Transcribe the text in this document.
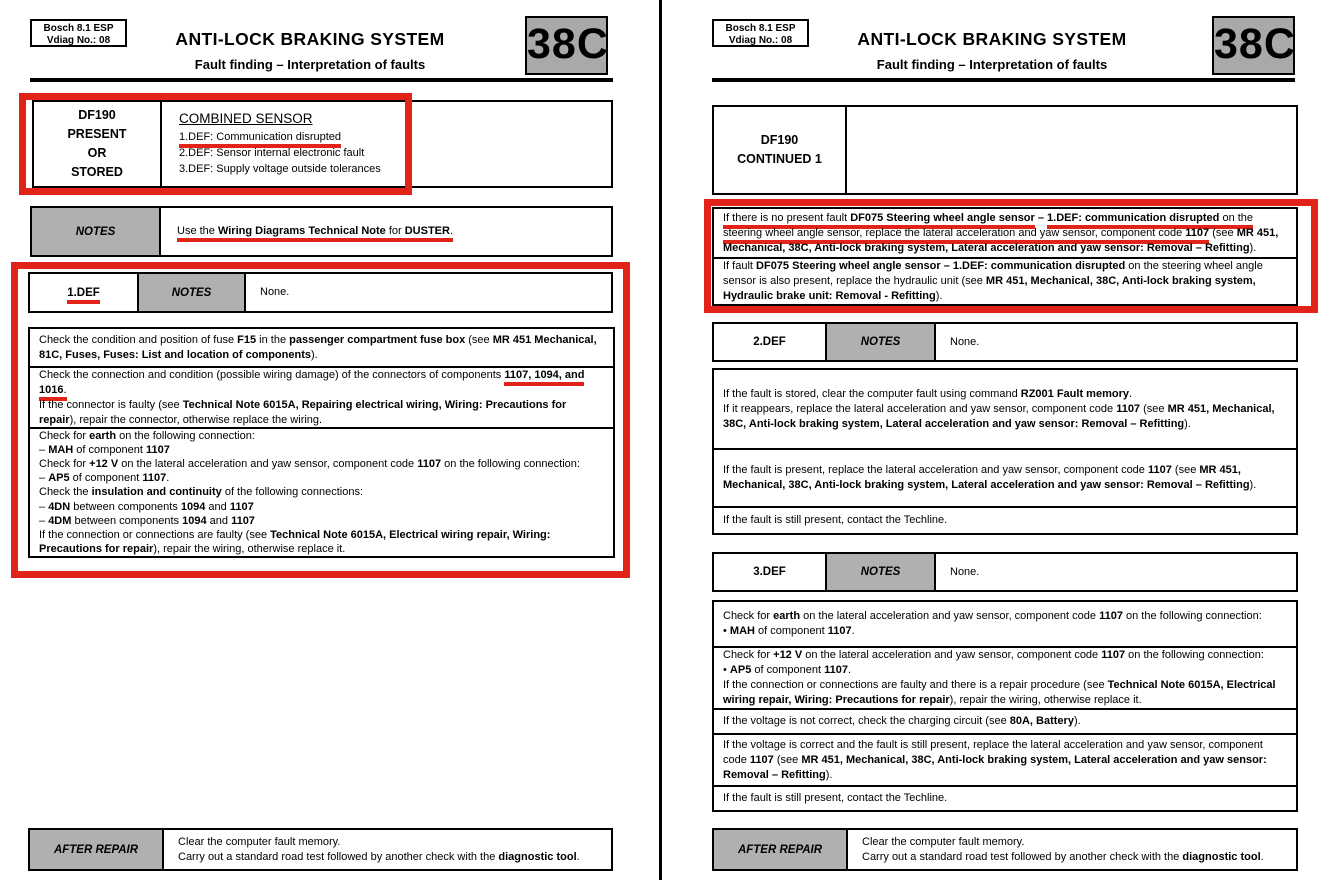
Bosch 8.1 ESP
Vdiag No.: 08	ANTI-LOCK BRAKING SYSTEM
Fault finding – Interpretation of faults	38C
DF190
PRESENT
OR
STORED
COMBINED SENSOR
1.DEF: Communication disrupted
2.DEF: Sensor internal electronic fault
3.DEF: Supply voltage outside tolerances
NOTES	Use the Wiring Diagrams Technical Note for DUSTER.
1.DEF	NOTES	None.
Check the condition and position of fuse F15 in the passenger compartment fuse box (see MR 451 Mechanical, 81C, Fuses, Fuses: List and location of components).
Check the connection and condition (possible wiring damage) of the connectors of components 1107, 1094, and 1016.
If the connector is faulty (see Technical Note 6015A, Repairing electrical wiring, Wiring: Precautions for repair), repair the connector, otherwise replace the wiring.
Check for earth on the following connection:
– MAH of component 1107
Check for +12 V on the lateral acceleration and yaw sensor, component code 1107 on the following connection:
– AP5 of component 1107.
Check the insulation and continuity of the following connections:
– 4DN between components 1094 and 1107
– 4DM between components 1094 and 1107
If the connection or connections are faulty (see Technical Note 6015A, Electrical wiring repair, Wiring: Precautions for repair), repair the wiring, otherwise replace it.
AFTER REPAIR
Clear the computer fault memory.
Carry out a standard road test followed by another check with the diagnostic tool.
Bosch 8.1 ESP
Vdiag No.: 08	ANTI-LOCK BRAKING SYSTEM
Fault finding – Interpretation of faults	38C
DF190
CONTINUED 1
If there is no present fault DF075 Steering wheel angle sensor – 1.DEF: communication disrupted on the steering wheel angle sensor, replace the lateral acceleration and yaw sensor, component code 1107 (see MR 451, Mechanical, 38C, Anti-lock braking system, Lateral acceleration and yaw sensor: Removal – Refitting).
If fault DF075 Steering wheel angle sensor – 1.DEF: communication disrupted on the steering wheel angle sensor is also present, replace the hydraulic unit (see MR 451, Mechanical, 38C, Anti-lock braking system, Hydraulic brake unit: Removal - Refitting).
2.DEF	NOTES	None.
If the fault is stored, clear the computer fault using command RZ001 Fault memory.
If it reappears, replace the lateral acceleration and yaw sensor, component code 1107 (see MR 451, Mechanical, 38C, Anti-lock braking system, Lateral acceleration and yaw sensor: Removal – Refitting).
If the fault is present, replace the lateral acceleration and yaw sensor, component code 1107 (see MR 451, Mechanical, 38C, Anti-lock braking system, Lateral acceleration and yaw sensor: Removal – Refitting).
If the fault is still present, contact the Techline.
3.DEF	NOTES	None.
Check for earth on the lateral acceleration and yaw sensor, component code 1107 on the following connection:
• MAH of component 1107.
Check for +12 V on the lateral acceleration and yaw sensor, component code 1107 on the following connection:
• AP5 of component 1107.
If the connection or connections are faulty and there is a repair procedure (see Technical Note 6015A, Electrical
wiring repair, Wiring: Precautions for repair), repair the wiring, otherwise replace it.
If the voltage is not correct, check the charging circuit (see 80A, Battery).
If the voltage is correct and the fault is still present, replace the lateral acceleration and yaw sensor, component code 1107 (see MR 451, Mechanical, 38C, Anti-lock braking system, Lateral acceleration and yaw sensor: Removal – Refitting).
If the fault is still present, contact the Techline.
AFTER REPAIR
Clear the computer fault memory.
Carry out a standard road test followed by another check with the diagnostic tool.
